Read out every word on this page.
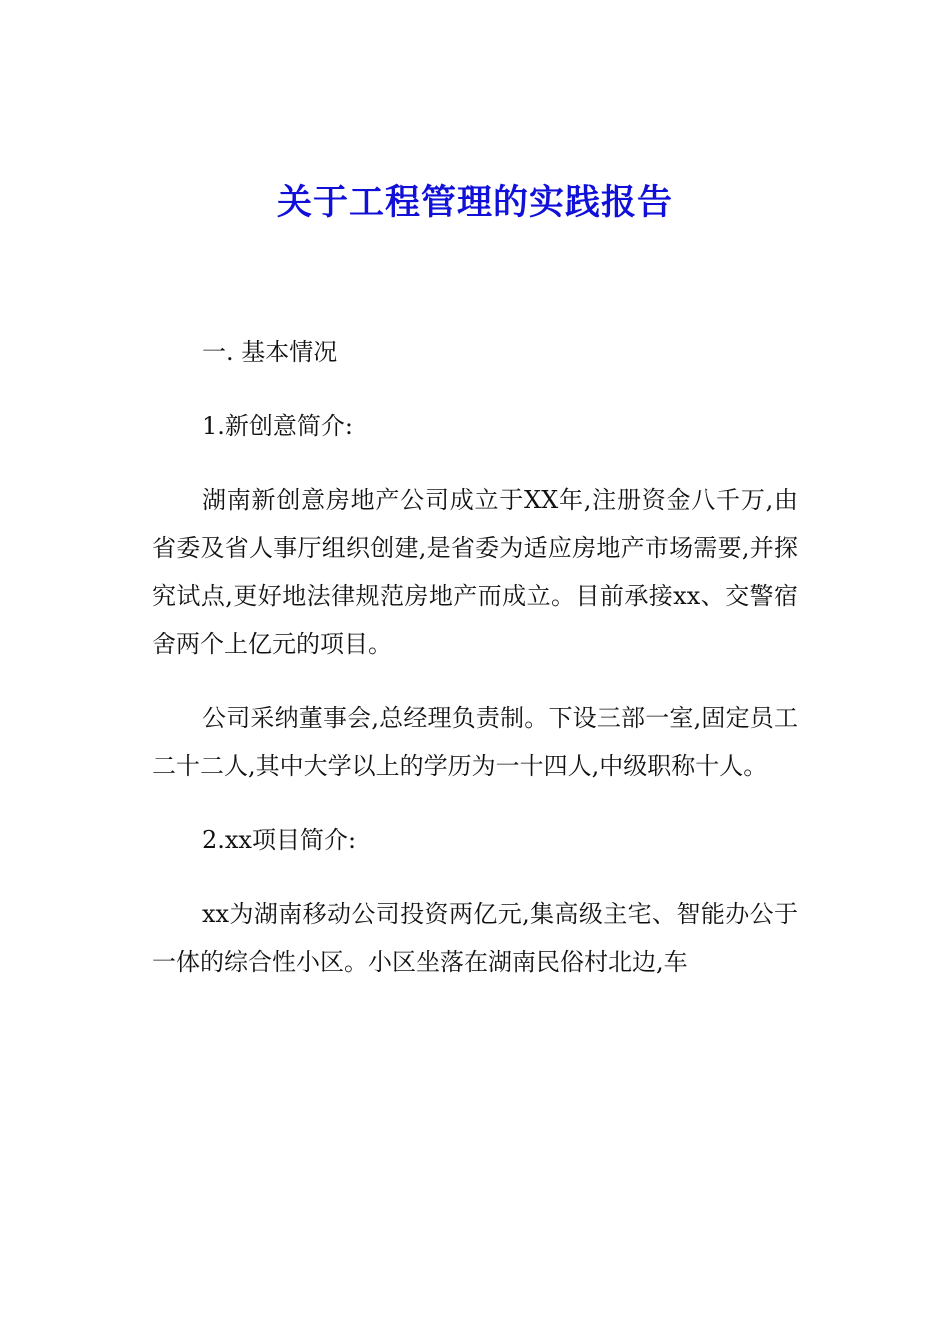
关于工程管理的实践报告

一. 基本情况

1.新创意简介:

湖南新创意房地产公司成立于XX年,注册资金八千万,由省委及省人事厅组织创建,是省委为适应房地产市场需要,并探究试点,更好地法律规范房地产而成立。目前承接xx、交警宿舍两个上亿元的项目。

公司采纳董事会,总经理负责制。下设三部一室,固定员工二十二人,其中大学以上的学历为一十四人,中级职称十人。

2.xx项目简介:

xx为湖南移动公司投资两亿元,集高级主宅、智能办公于一体的综合性小区。小区坐落在湖南民俗村北边,车
